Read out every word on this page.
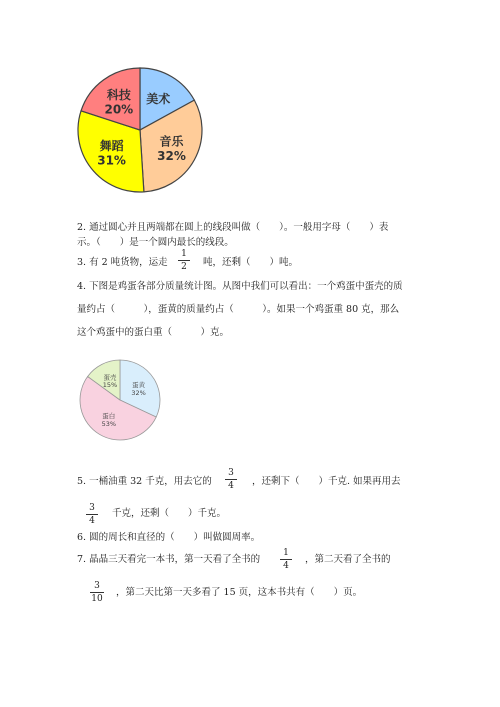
美术
音乐
32%
舞蹈
31%
科技
20%
2. 通过圆心并且两端都在圆上的线段叫做（　　）。一般用字母（　　）表
示。（　　）是一个圆内最长的线段。
3. 有 2 吨货物，运走
1
2	吨，还剩（　　）吨。
4. 下图是鸡蛋各部分质量统计图。从图中我们可以看出：一个鸡蛋中蛋壳的质
量约占（　　　），蛋黄的质量约占（　　　）。如果一个鸡蛋重 80 克，那么
这个鸡蛋中的蛋白重（　　　）克。
蛋黄
32%
蛋白
53%
蛋壳
15%
5. 一桶油重 32 千克，用去它的
3
4	，还剩下（　　）千克. 如果再用去
3
4
千克，还剩（　　）千克。
6. 圆的周长和直径的（　　）叫做圆周率。
7. 晶晶三天看完一本书，第一天看了全书的
1
4
，第二天看了全书的
3
10
，第二天比第一天多看了 15 页，这本书共有（　　）页。
